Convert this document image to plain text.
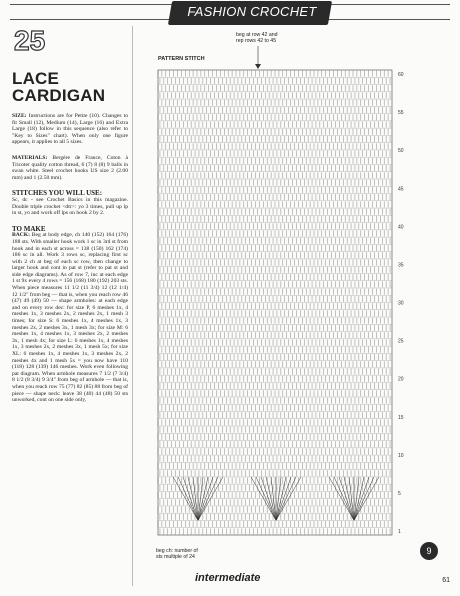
FASHION CROCHET
25
LACE
CARDIGAN
SIZE: Instructions are for Petite (10). Changes to fit Small (12), Medium (14), Large (16) and Extra Large (18) follow in this sequence (also refer to "Key to Sizes" chart). When only one figure appears, it applies to all 5 sizes.
MATERIALS: Bergère de France, Coton à Tricoter quality cotton thread, 6 (7) 8 (8) 9 balls in swan white. Steel crochet hooks US size 2 (2.00 mm) and 1 (2.50 mm).
STITCHES YOU WILL USE:
Sc, dc - see Crochet Basics in this magazine. Double triple crochet <dtr>: yo 3 times, pull up lp in st, yo and work off lps on hook 2 by 2.
TO MAKE
BACK: Beg at body edge, ch 140 (152) 164 (176) 188 sts. With smaller hook work 1 sc in 3rd st from hook and in each st across = 138 (150) 162 (174) 186 sc in all. Work 3 rows sc, replacing first sc with 2 ch at beg of each sc row, then change to larger hook and cont in pat st (refer to pat st and side edge diagrams). As of row 7, inc at each edge 1 st 9x every 4 rows = 156 (168) 180 (192) 203 sts. When piece measures 11 1/2 (11 3/4) 12 (12 1/4) 12 1/2" from beg — that is, when you reach row 46 (47) 49 (49) 50 — shape armholes: at each edge and on every row dec: for size P, 6 meshes 1x, 4 meshes 1x, 3 meshes 2x, 2 meshes 2x, 1 mesh 3 times; for size S: 6 meshes 1x, 4 meshes 1x, 3 meshes 2x, 2 meshes 3x, 1 mesh 3x; for size M: 6 meshes 1x, 4 meshes 1x, 3 meshes 2x, 2 meshes 3x, 1 mesh 4x; for size L: 6 meshes 1x, 4 meshes 1x, 3 meshes 2x, 2 meshes 3x, 1 mesh 5x; for size XL: 6 meshes 1x, 4 meshes 1x, 3 meshes 2x, 2 meshes 4x and 1 mesh 5x = you now have 110 (118) 128 (139) 146 meshes. Work even following pat diagram. When armhole measures 7 1/2 (7 3/4) 8 1/2 (8 3/4) 9 3/4" from beg of armhole — that is, when you reach row 75 (77) 82 (85) 88 from beg of piece — shape neck: leave 38 (40) 44 (48) 50 sts unworked, cont on one side only,
beg at row 42 and
rep rows 42 to 45
PATTERN STITCH
60
55
50
45
40
35
30
25
20
15
10
5
1
beg ch: number of
sts multiple of 24
9
intermediate	61
